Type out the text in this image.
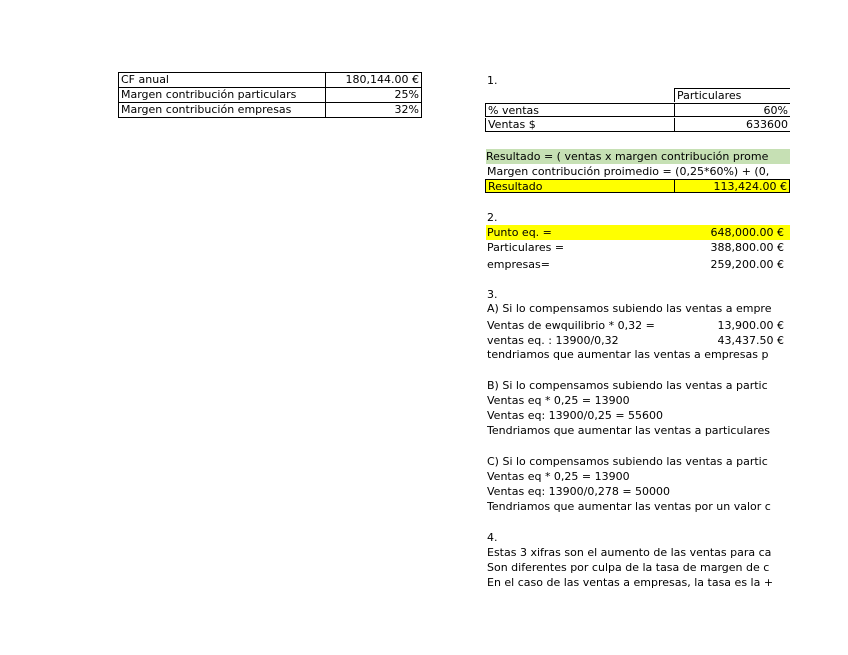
CF anual	180,144.00 €
Margen contribución particulars	25%
Margen contribución empresas	32%
1.
Particulares
% ventas	60%
Ventas $	633600
Resultado = ( ventas x margen contribución prome
Margen contribución proimedio = (0,25*60%) + (0,
Resultado	113,424.00 €
2.
Punto eq. =	648,000.00 €
Particulares =	388,800.00 €
empresas=	259,200.00 €
3.
A) Si lo compensamos subiendo las ventas a empre
Ventas de ewquilibrio * 0,32 =	13,900.00 €
ventas eq. : 13900/0,32	43,437.50 €
tendriamos que aumentar las ventas a empresas p
B) Si lo compensamos subiendo las ventas a partic
Ventas eq * 0,25 = 13900
Ventas eq: 13900/0,25 = 55600
Tendriamos que aumentar las ventas a particulares
C) Si lo compensamos subiendo las ventas a partic
Ventas eq * 0,25 = 13900
Ventas eq: 13900/0,278 = 50000
Tendriamos que aumentar las ventas por un valor c
4.
Estas 3 xifras son el aumento de las ventas para ca
Son diferentes por culpa de la tasa de margen de c
En el caso de las ventas a empresas, la tasa es la +
